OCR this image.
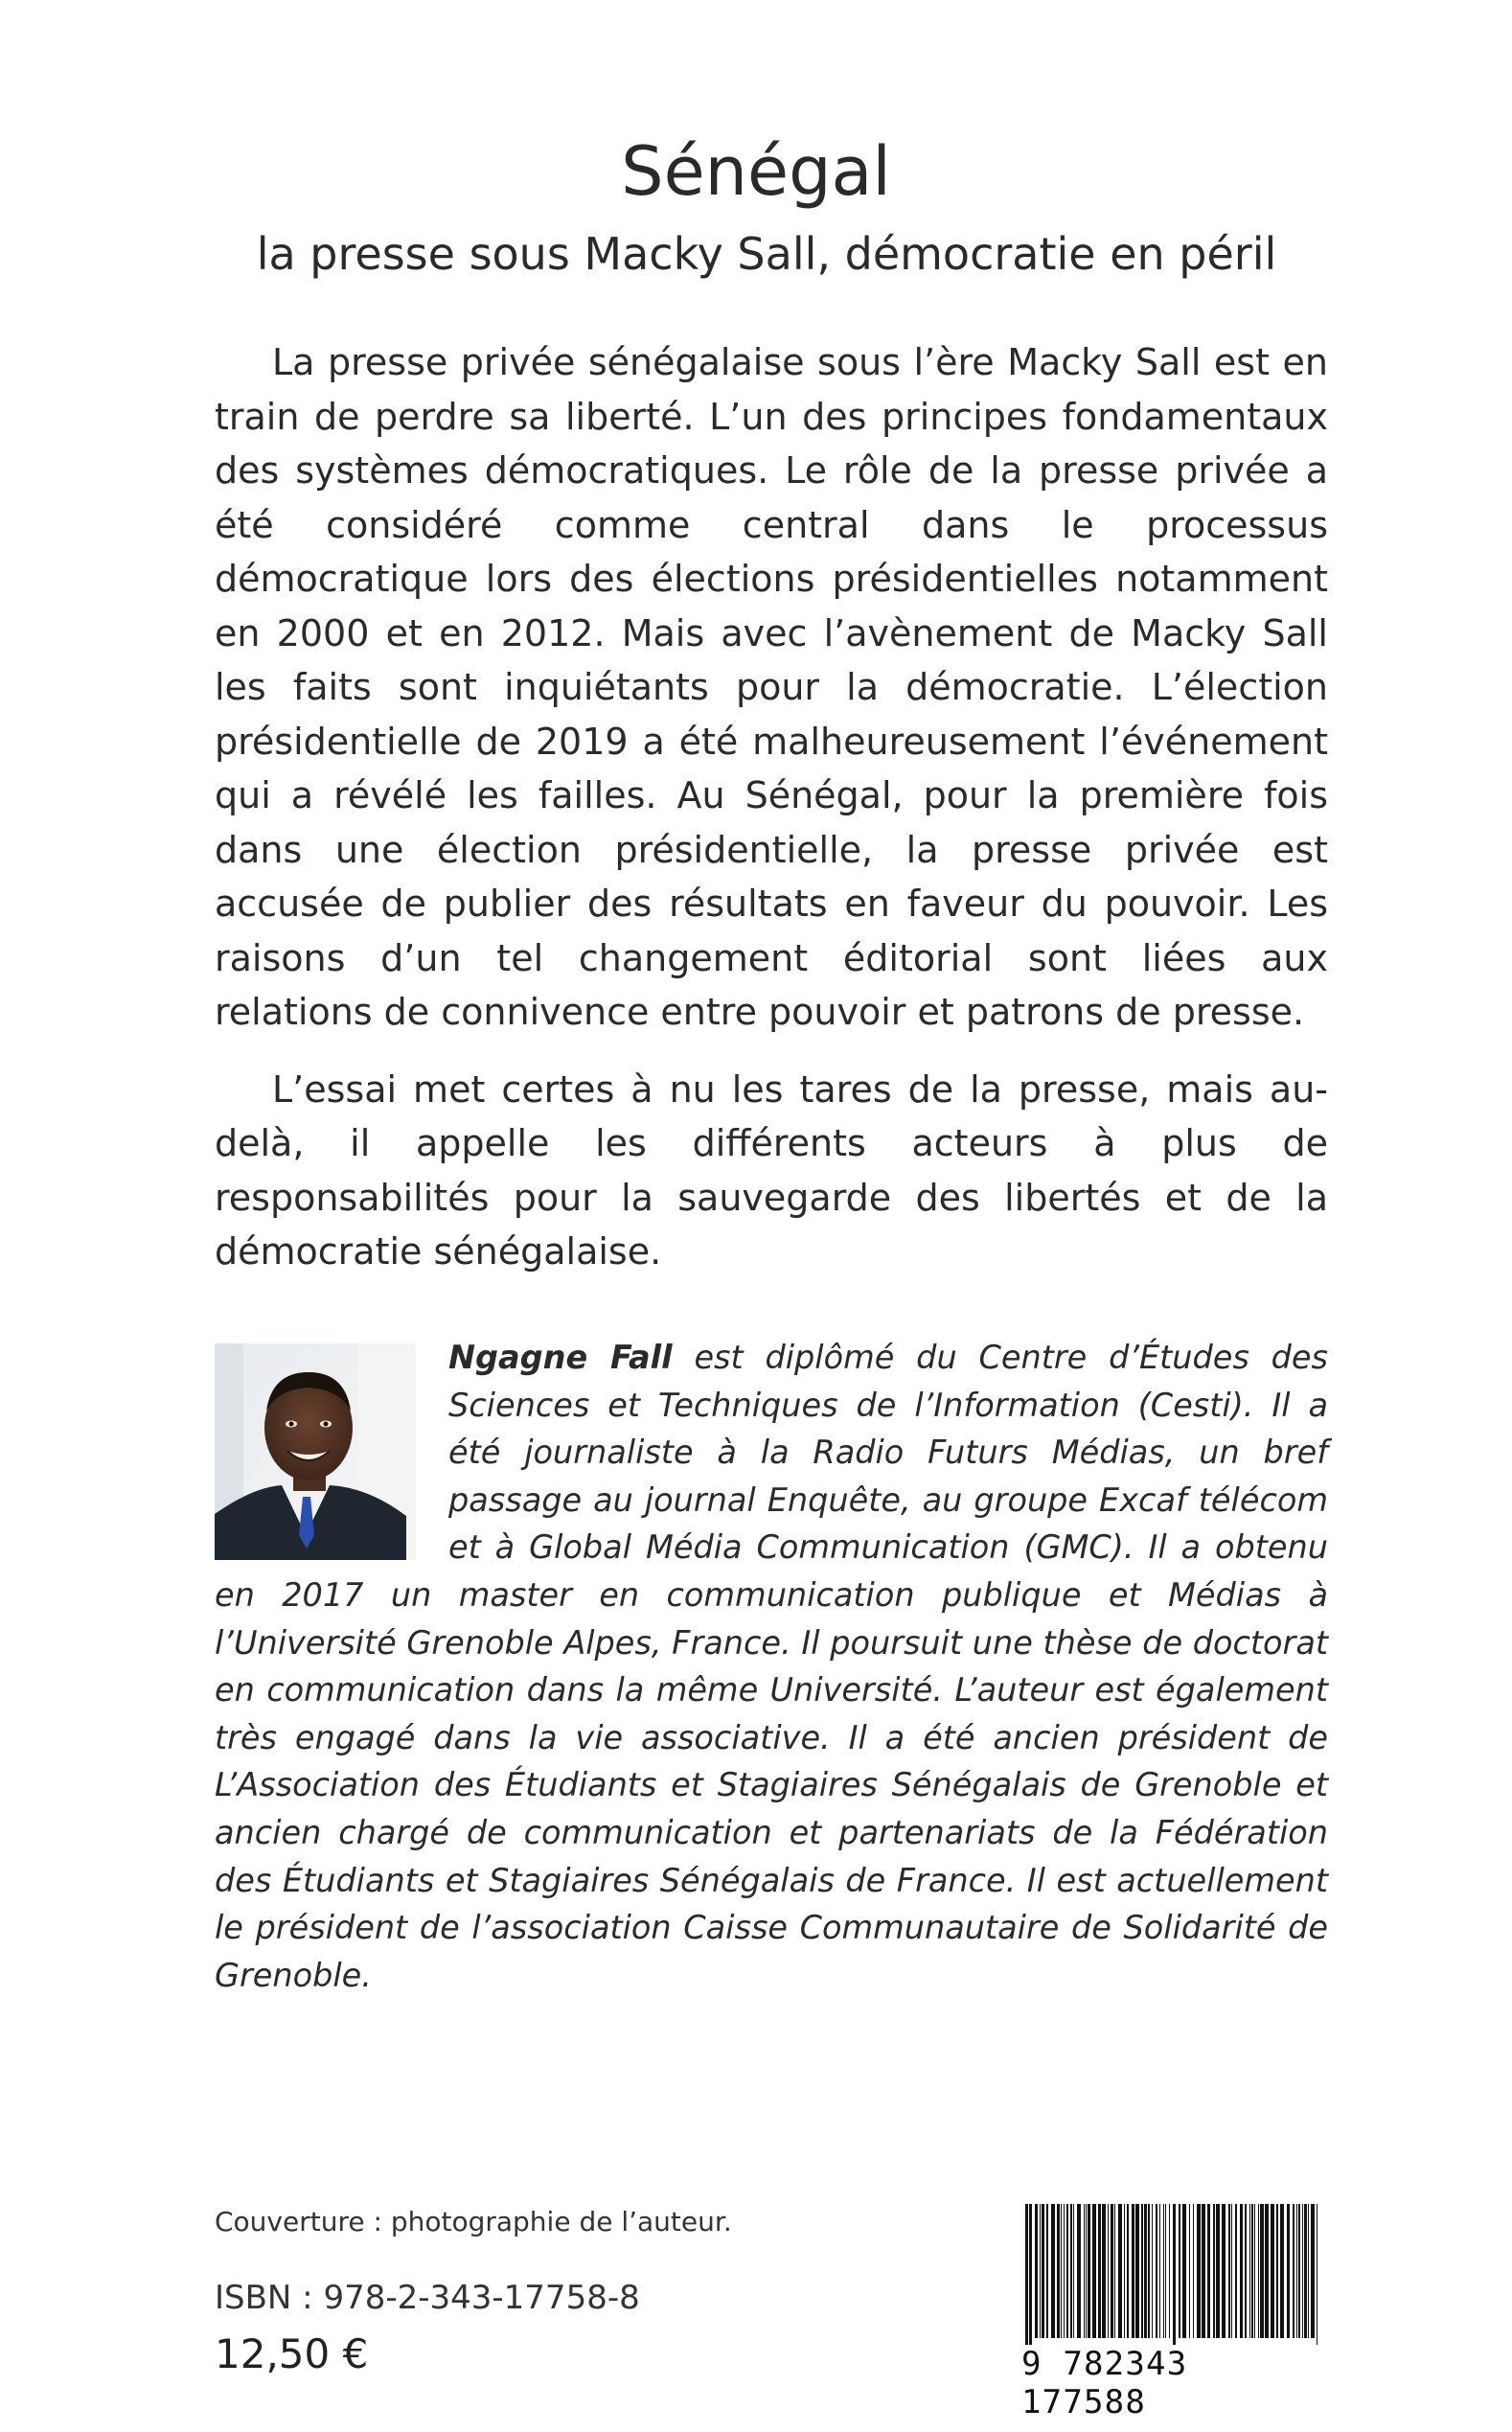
Sénégal
la presse sous Macky Sall, démocratie en péril

La presse privée sénégalaise sous l’ère Macky Sall est en train de perdre sa liberté. L’un des principes fondamentaux des systèmes démocratiques. Le rôle de la presse privée a été considéré comme central dans le processus démocratique lors des élections présidentielles notamment en 2000 et en 2012. Mais avec l’avènement de Macky Sall les faits sont inquiétants pour la démocratie. L’élection présidentielle de 2019 a été malheureusement l’événement qui a révélé les failles. Au Sénégal, pour la première fois dans une élection présidentielle, la presse privée est accusée de publier des résultats en faveur du pouvoir. Les raisons d’un tel changement éditorial sont liées aux relations de connivence entre pouvoir et patrons de presse.

L’essai met certes à nu les tares de la presse, mais au-delà, il appelle les différents acteurs à plus de responsabilités pour la sauvegarde des libertés et de la démocratie sénégalaise.

Ngagne Fall est diplômé du Centre d’Études des Sciences et Techniques de l’Information (Cesti). Il a été journaliste à la Radio Futurs Médias, un bref passage au journal Enquête, au groupe Excaf télécom et à Global Média Communication (GMC). Il a obtenu en 2017 un master en communication publique et Médias à l’Université Grenoble Alpes, France. Il poursuit une thèse de doctorat en communication dans la même Université. L’auteur est également très engagé dans la vie associative. Il a été ancien président de L’Association des Étudiants et Stagiaires Sénégalais de Grenoble et ancien chargé de communication et partenariats de la Fédération des Étudiants et Stagiaires Sénégalais de France. Il est actuellement le président de l’association Caisse Communautaire de Solidarité de Grenoble.
Couverture : photographie de l’auteur.
ISBN : 978-2-343-17758-8
12,50 €	9 782343 177588
